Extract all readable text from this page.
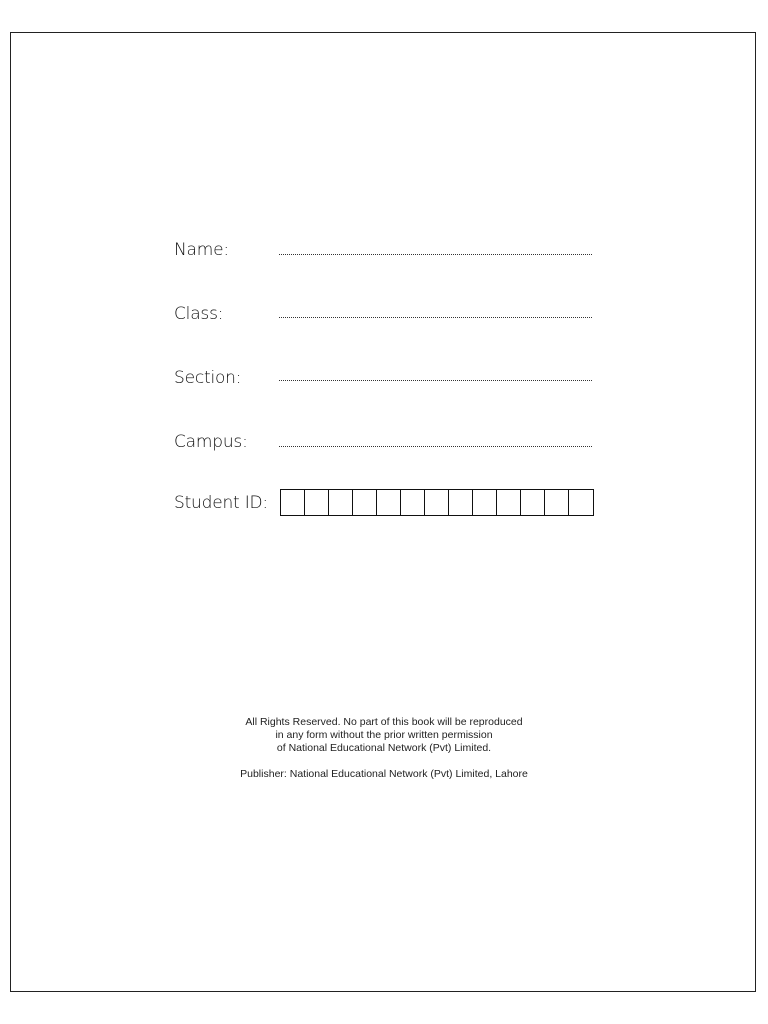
Name:
Class:
Section:
Campus:
Student ID:
All Rights Reserved. No part of this book will be reproduced
in any form without the prior written permission
of National Educational Network (Pvt) Limited.
Publisher: National Educational Network (Pvt) Limited, Lahore
